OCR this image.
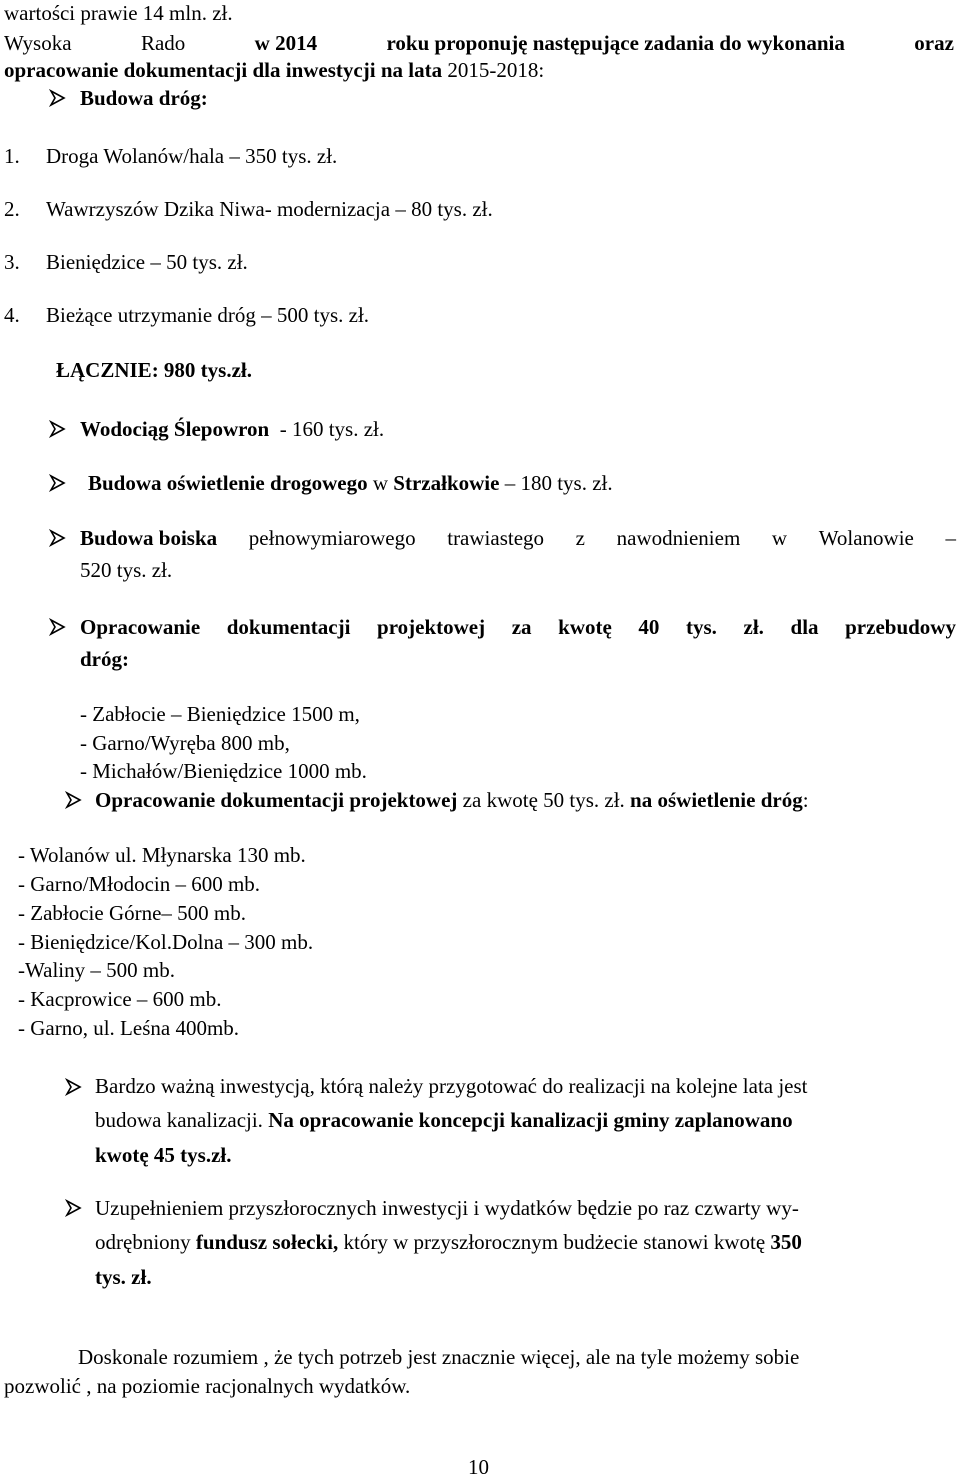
wartości prawie 14 mln. zł.
Wysoka	Rado	w 2014	roku proponuję następujące zadania do wykonania	oraz
opracowanie dokumentacji dla inwestycji na lata 2015-2018:
Budowa dróg:
1. Droga Wolanów/hala – 350 tys. zł.
2. Wawrzyszów Dzika Niwa- modernizacja – 80 tys. zł.
3. Bieniędzice – 50 tys. zł.
4. Bieżące utrzymanie dróg – 500 tys. zł.
ŁĄCZNIE: 980 tys.zł.
Wodociąg Ślepowron - 160 tys. zł.
Budowa oświetlenie drogowego w Strzałkowie – 180 tys. zł.
Budowa boiska pełnowymiarowego trawiastego z nawodnieniem w Wolanowie –
520 tys. zł.
Opracowanie dokumentacji projektowej za kwotę 40 tys. zł. dla przebudowy
dróg:
- Zabłocie – Bieniędzice 1500 m,
- Garno/Wyręba 800 mb,
- Michałów/Bieniędzice 1000 mb.
Opracowanie dokumentacji projektowej za kwotę 50 tys. zł. na oświetlenie dróg:
- Wolanów ul. Młynarska 130 mb.
- Garno/Młodocin – 600 mb.
- Zabłocie Górne– 500 mb.
- Bieniędzice/Kol.Dolna – 300 mb.
-Waliny – 500 mb.
- Kacprowice – 600 mb.
- Garno, ul. Leśna 400mb.
Bardzo ważną inwestycją, którą należy przygotować do realizacji na kolejne lata jest
budowa kanalizacji. Na opracowanie koncepcji kanalizacji gminy zaplanowano
kwotę 45 tys.zł.
Uzupełnieniem przyszłorocznych inwestycji i wydatków będzie po raz czwarty wy-
odrębniony fundusz sołecki, który w przyszłorocznym budżecie stanowi kwotę 350
tys. zł.
Doskonale rozumiem , że tych potrzeb jest znacznie więcej, ale na tyle możemy sobie
pozwolić , na poziomie racjonalnych wydatków.
10
